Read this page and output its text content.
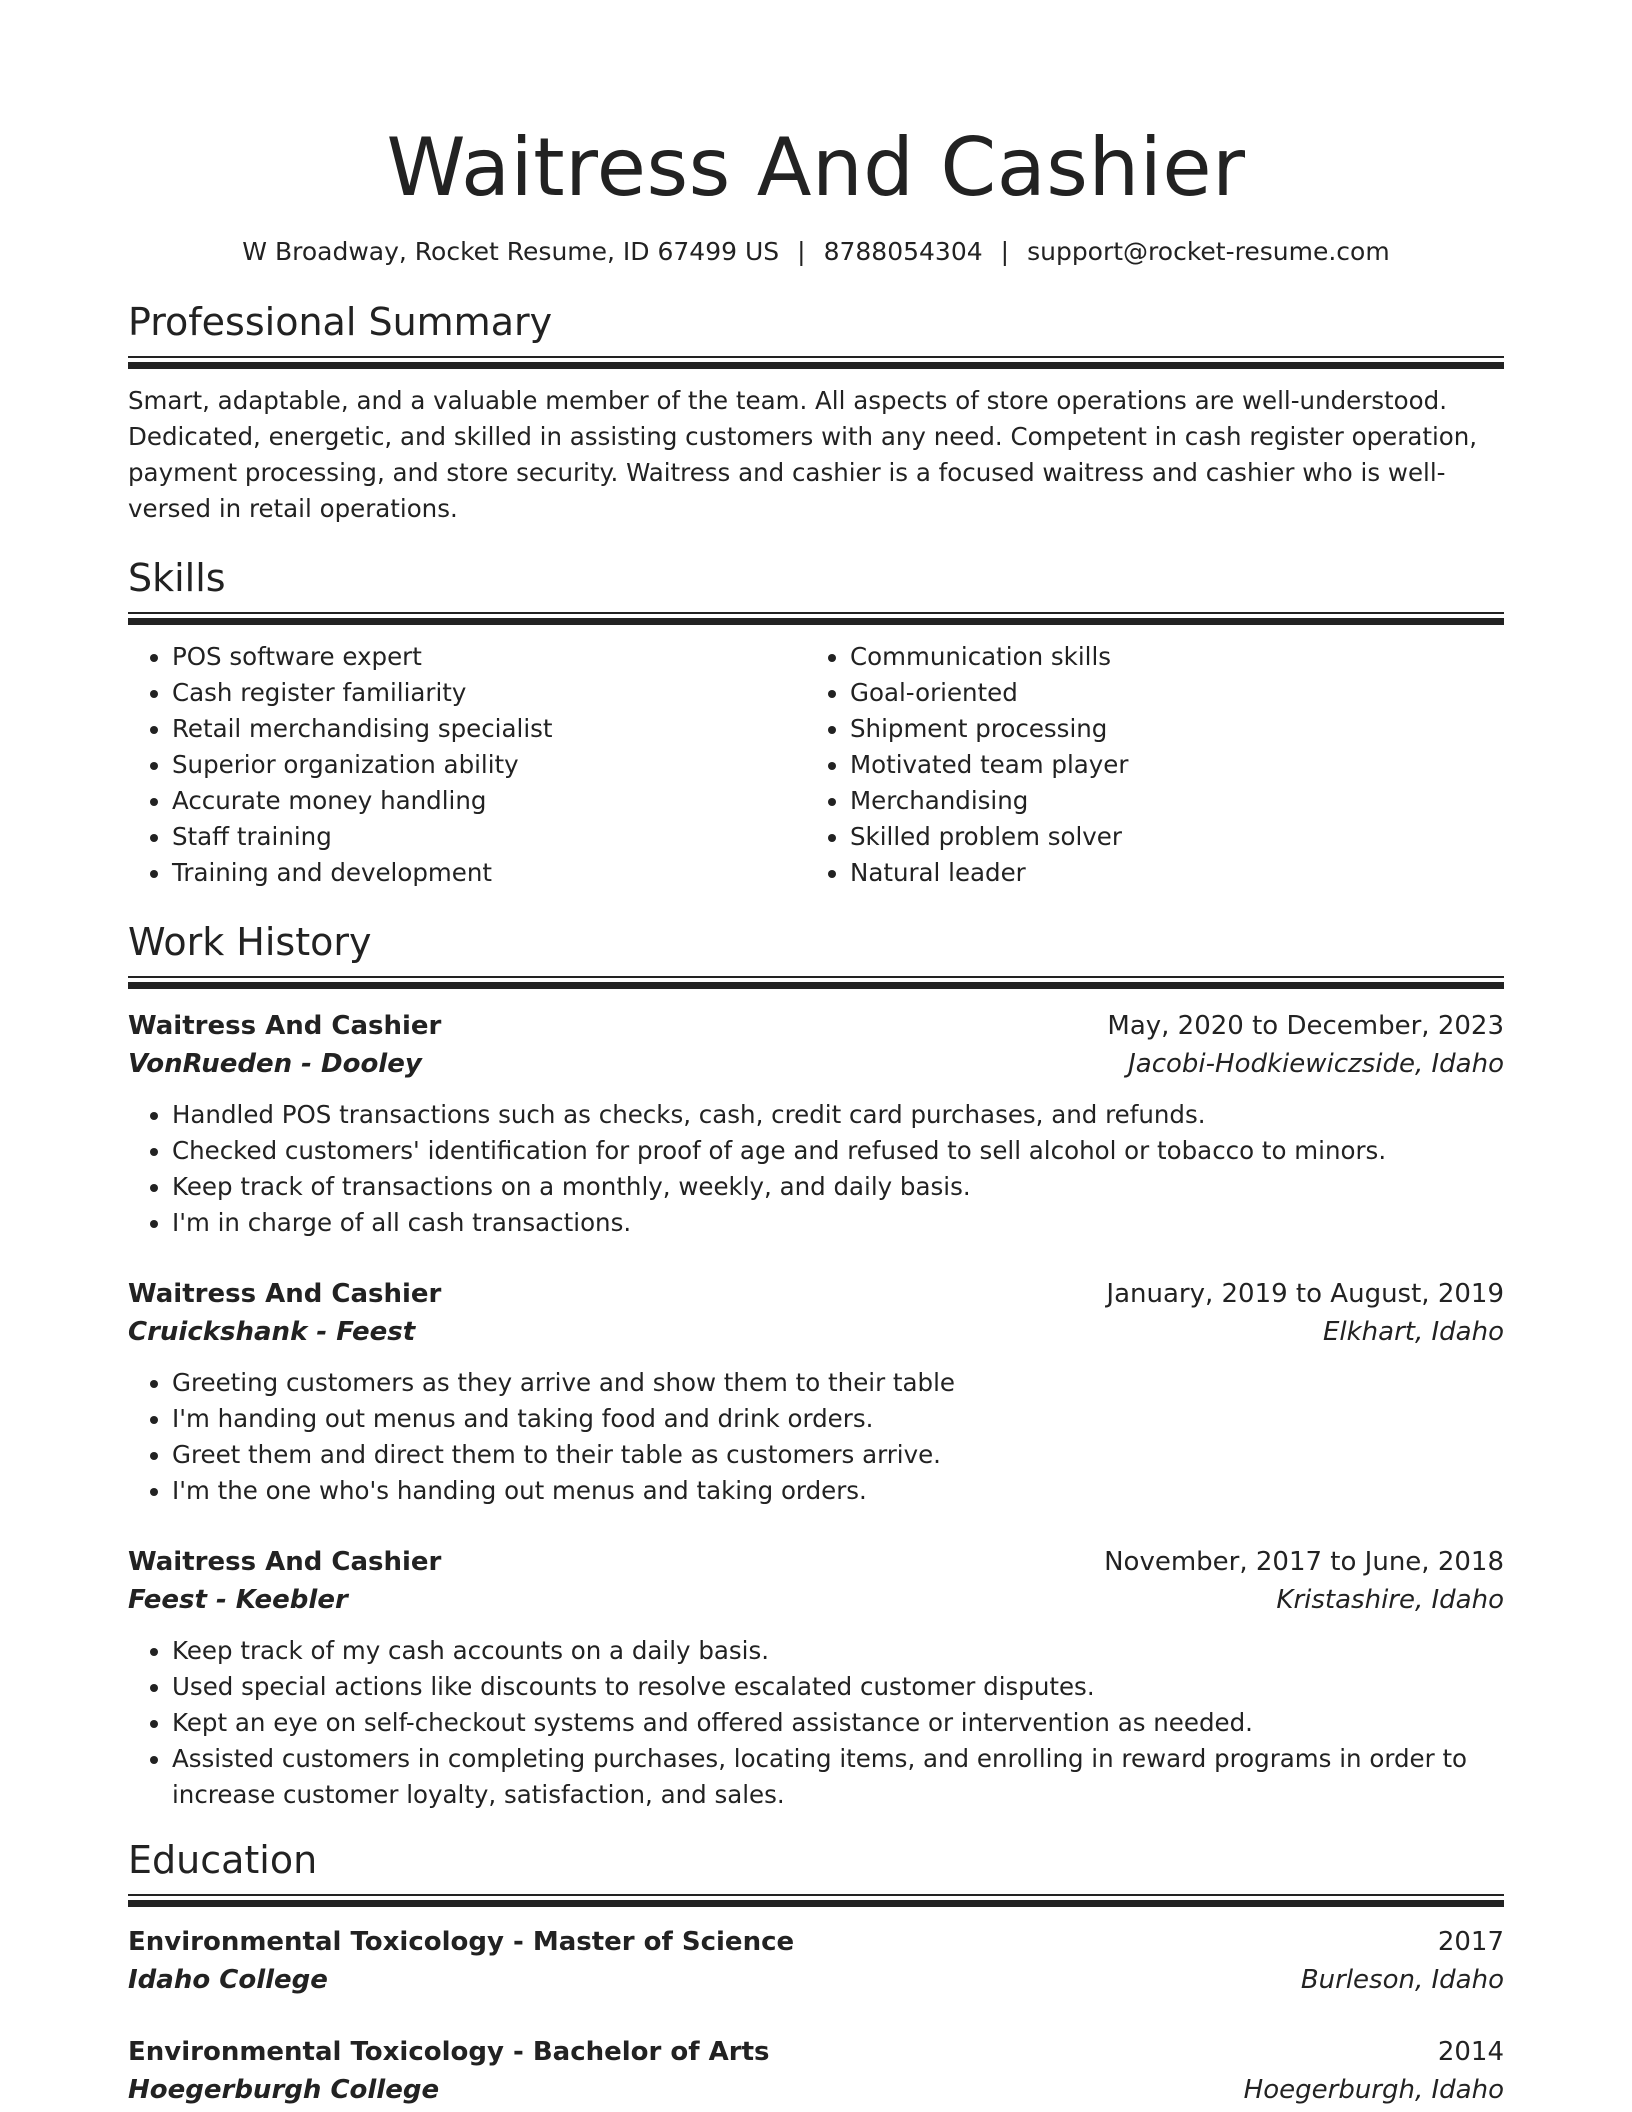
Waitress And Cashier
W Broadway, Rocket Resume, ID 67499 US | 8788054304 | support@rocket-resume.com
Professional Summary
Smart, adaptable, and a valuable member of the team. All aspects of store operations are well-understood. Dedicated, energetic, and skilled in assisting customers with any need. Competent in cash register operation, payment processing, and store security. Waitress and cashier is a focused waitress and cashier who is well-versed in retail operations.
Skills
• POS software expert
• Cash register familiarity
• Retail merchandising specialist
• Superior organization ability
• Accurate money handling
• Staff training
• Training and development
• Communication skills
• Goal-oriented
• Shipment processing
• Motivated team player
• Merchandising
• Skilled problem solver
• Natural leader
Work History
Waitress And Cashier	May, 2020 to December, 2023
VonRueden - Dooley	Jacobi-Hodkiewiczside, Idaho
• Handled POS transactions such as checks, cash, credit card purchases, and refunds.
• Checked customers' identification for proof of age and refused to sell alcohol or tobacco to minors.
• Keep track of transactions on a monthly, weekly, and daily basis.
• I'm in charge of all cash transactions.
Waitress And Cashier	January, 2019 to August, 2019
Cruickshank - Feest	Elkhart, Idaho
• Greeting customers as they arrive and show them to their table
• I'm handing out menus and taking food and drink orders.
• Greet them and direct them to their table as customers arrive.
• I'm the one who's handing out menus and taking orders.
Waitress And Cashier	November, 2017 to June, 2018
Feest - Keebler	Kristashire, Idaho
• Keep track of my cash accounts on a daily basis.
• Used special actions like discounts to resolve escalated customer disputes.
• Kept an eye on self-checkout systems and offered assistance or intervention as needed.
• Assisted customers in completing purchases, locating items, and enrolling in reward programs in order to increase customer loyalty, satisfaction, and sales.
Education
Environmental Toxicology - Master of Science	2017
Idaho College	Burleson, Idaho
Environmental Toxicology - Bachelor of Arts	2014
Hoegerburgh College	Hoegerburgh, Idaho
